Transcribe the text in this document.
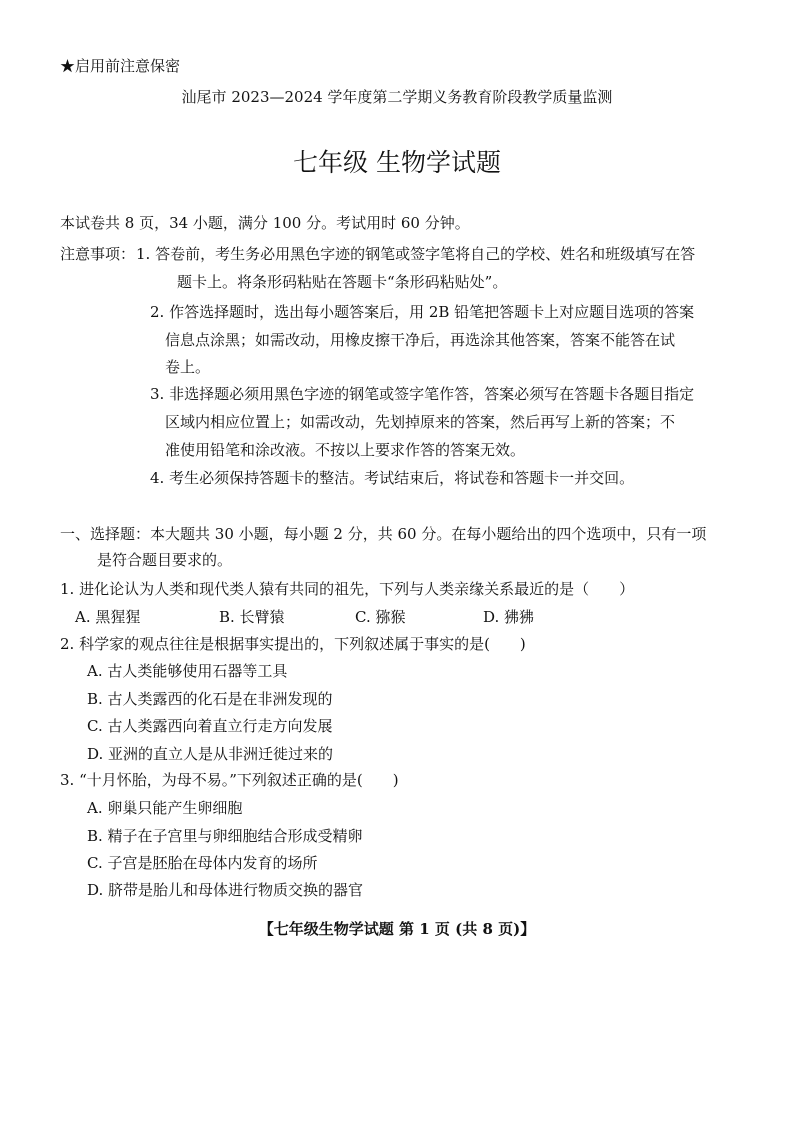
★启用前注意保密
汕尾市 2023—2024 学年度第二学期义务教育阶段教学质量监测
七年级 生物学试题
本试卷共 8 页，34 小题，满分 100 分。考试用时 60 分钟。
注意事项： 1. 答卷前，考生务必用黑色字迹的钢笔或签字笔将自己的学校、姓名和班级填写在答
题卡上。将条形码粘贴在答题卡“条形码粘贴处”。
2. 作答选择题时，选出每小题答案后，用 2B 铅笔把答题卡上对应题目选项的答案
信息点涂黑；如需改动，用橡皮擦干净后，再选涂其他答案，答案不能答在试
卷上。
3. 非选择题必须用黑色字迹的钢笔或签字笔作答，答案必须写在答题卡各题目指定
区域内相应位置上；如需改动，先划掉原来的答案，然后再写上新的答案；不
准使用铅笔和涂改液。不按以上要求作答的答案无效。
4. 考生必须保持答题卡的整洁。考试结束后，将试卷和答题卡一并交回。
一、选择题：本大题共 30 小题，每小题 2 分，共 60 分。在每小题给出的四个选项中，只有一项
是符合题目要求的。
1. 进化论认为人类和现代类人猿有共同的祖先，下列与人类亲缘关系最近的是（　　）
A. 黑猩猩	B. 长臂猿	C. 猕猴	D. 狒狒
2. 科学家的观点往往是根据事实提出的，下列叙述属于事实的是(　　)
A. 古人类能够使用石器等工具
B. 古人类露西的化石是在非洲发现的
C. 古人类露西向着直立行走方向发展
D. 亚洲的直立人是从非洲迁徙过来的
3. “十月怀胎，为母不易。”下列叙述正确的是(　　)
A. 卵巢只能产生卵细胞
B. 精子在子宫里与卵细胞结合形成受精卵
C. 子宫是胚胎在母体内发育的场所
D. 脐带是胎儿和母体进行物质交换的器官
【七年级生物学试题 第 1 页 (共 8 页)】
